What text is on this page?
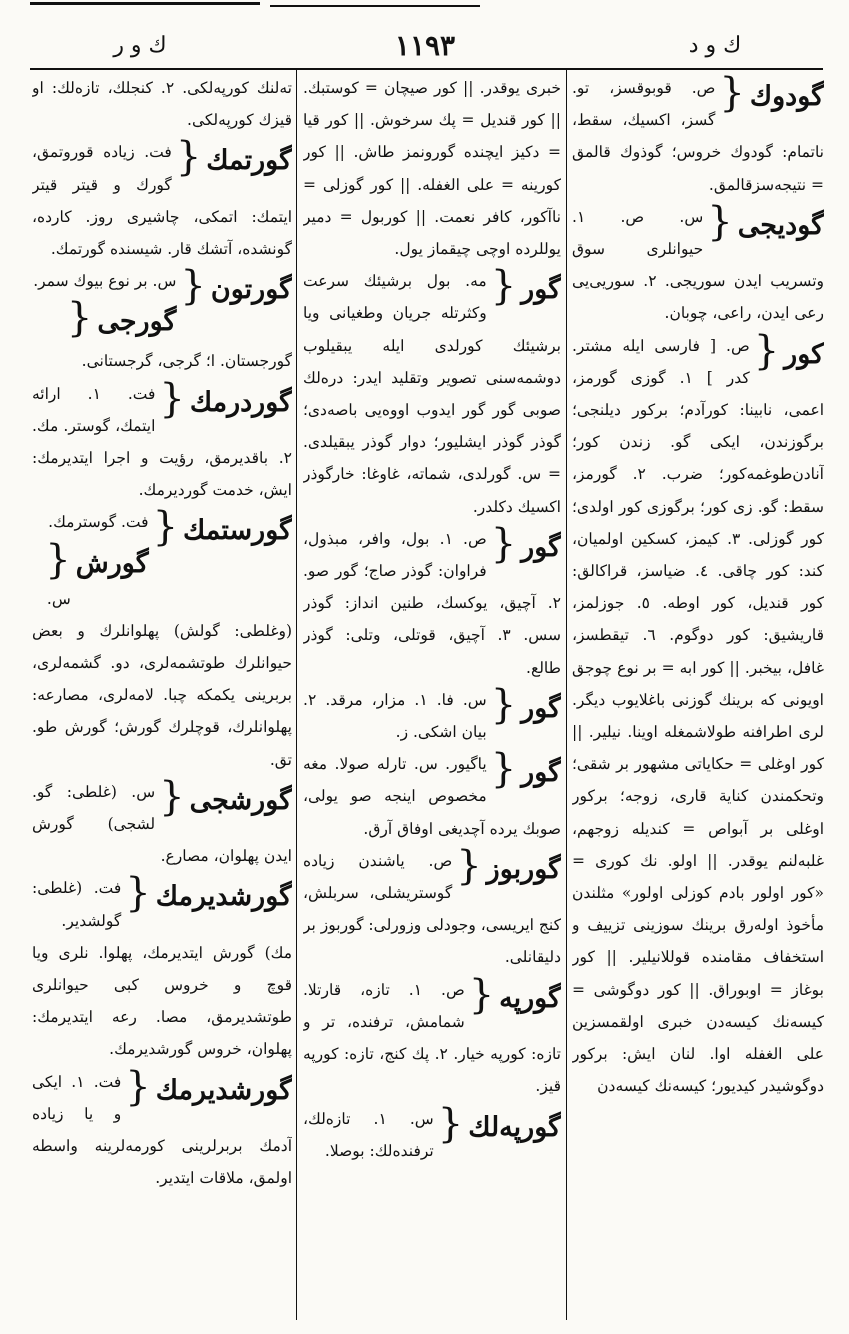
ك و ر	١١٩٣	ك و د

گودوك
{
ص. قوبوقسز، تو. گسز، اكسيك، سقط، ناتمام: گودوك خروس؛ گوذوك قالمق = نتيجه‌سزقالمق.

گوديجى
{
س. ص. ١. حيوانلرى سوق وتسريب ايدن سوريجى. ٢. سوريى‌يى رعى ايدن، راعى، چوبان.

كور
{
ص. [ فارسى ايله مشتر. كدر ] ١. گوزى گورمز، اعمى، نابينا: كورآدم؛ بركور ديلنجى؛ برگوزندن، ايكى گو. زندن كور؛ آنادن‌طوغمه‌كور؛ ضرب. ٢. گورمز، سقط: گو. زى كور؛ برگوزى كور اولدى؛ كور گوزلى. ٣. كيمز، كسكين اولميان، كند: كور چاقى. ٤. ضياسز، قراكالق: كور قنديل، كور اوطه. ٥. جوزلمز، قاريشيق: كور دوگوم. ٦. تيقطسز، غافل، بيخبر. || كور ابه = بر نوع چوجق اويونى كه برينك گوزنى باغلايوب ديگر. لرى اطرافنه طولاشمغله اوينا. نيلير. || كور اوغلى = حكاياتى مشهور بر شقى؛ وتحكمندن كناية قارى، زوجه؛ بركور اوغلى بر آبواص = كنديله زوجهم، غلبه‌لنم يوقدر. || اولو. نك كورى = «كور اولور بادم كوزلى اولور» مثلندن مأخوذ اوله‌رق برينك سوزينى تزييف و استخفاف مقامنده قوللانيلير. || كور بوغاز = اوبوراق. || كور دوگوشى = كيسه‌نك كيسه‌دن خبرى اولقمسزين على الغفله اوا. لنان ايش: بركور دوگوشيدر كيديور؛ كيسه‌نك كيسه‌دن

خبرى يوقدر. || كور صيچان = كوستبك. || كور قنديل = پك سرخوش. || كور قيا = دكيز ايچنده گورونمز طاش. || كور كورينه = على الغفله. || كور گوزلى = ناآكور، كافر نعمت. || كوربول = دمير يوللرده اوچى چيقماز يول.

گور
{
مه. بول برشيئك سرعت وكثرتله جريان وطغيانى ويا برشيئك كورلدى ايله يبقيلوب دوشمه‌سنى تصوير وتقليد ايدر: درەلك صوبى گور گور ايدوب اووه‌يى باصه‌دى؛ گوذر گوذر ايشليور؛ دوار گوذر يبقيلدى. = س. گورلدى، شماته، غاوغا: خارگوذر اكسيك دكلدر.

گور
{
ص. ١. بول، وافر، مبذول، فراوان: گوذر صاج؛ گور صو. ٢. آچيق، يوكسك، طنين انداز: گوذر سس. ٣. آچيق، قوتلى، وتلى: گوذر طالع.

گور
{
س. فا. ١. مزار، مرقد. ٢. بيان اشكى. ز.

گور
{
ياگيور. س. تارله صولا. مغه مخصوص اينجه صو يولى، صوبك يرده آچديغى اوفاق آرق.

گوربوز
{
ص. ياشندن زياده گوستريشلى، سربلش، كنج ايريسى، وجودلى وزورلى: گوربوز بر دليقانلى.

گورپه
{
ص. ١. تازه، قارتلا. شمامش، ترفنده، تر و تازه: كورپه خيار. ٢. پك كنج، تازه: كورپه قيز.

گورپه‌لك
{
س. ١. تازه‌لك، ترفنده‌لك: بوصلا.

ته‌لنك كورپه‌لكى. ٢. كنجلك، تازه‌لك: او قيزك كورپه‌لكى.

گورتمك
{
فت. زياده قوروتمق، گورك و قيتر قيتر ايتمك: اتمكى، چاشيرى روز. كارده، گونشده، آتشك قار. شيسنده گورتمك.

گورتون
{
س. بر نوع بيوك سمر.

گورجى
{
گورجستان. ا؛ گرجى، گرجستانى.

گوردرمك
{
فت. ١. ارائه ايتمك، گوستر. مك. ٢. باقديرمق، رؤيت و اجرا ايتديرمك: ايش، خدمت گورديرمك.

گورستمك
{
فت. گوسترمك.

گورش
{
س. (وغلطى: گولش) پهلوانلرك و بعض حيوانلرك طوتشمه‌لرى، دو. گشمه‌لرى، بربرينى يكمكه چبا. لامه‌لرى، مصارعه: پهلوانلرك، قوچلرك گورش؛ گورش طو. تق.

گورشجى
{
س. (غلطى: گو. لشجى) گورش ايدن پهلوان، مصارع.

گورشديرمك
{
فت. (غلطى: گولشدير. مك) گورش ايتديرمك، پهلوا. نلرى ويا قوچ و خروس كبى حيوانلرى طوتشديرمق، مصا. رعه ايتديرمك: پهلوان، خروس گورشديرمك.

گورشديرمك
{
فت. ١. ايكى و يا زياده آدمك بربرلرينى كورمه‌لرينه واسطه اولمق، ملاقات ايتدير.
